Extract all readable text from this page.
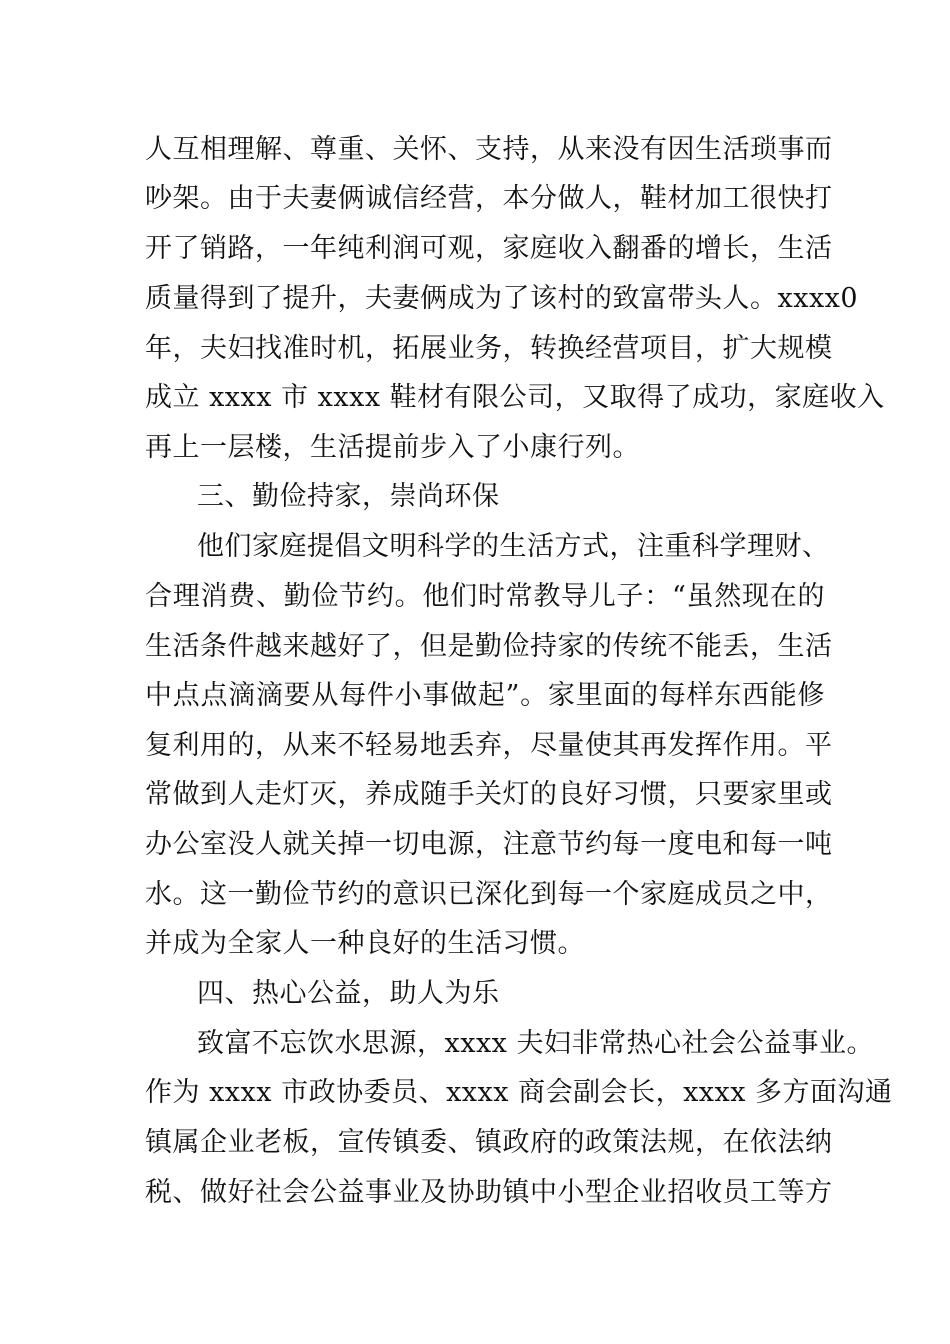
人互相理解、尊重、关怀、支持，从来没有因生活琐事而
吵架。由于夫妻俩诚信经营，本分做人，鞋材加工很快打
开了销路，一年纯利润可观，家庭收入翻番的增长，生活
质量得到了提升，夫妻俩成为了该村的致富带头人。xxxx0
年，夫妇找准时机，拓展业务，转换经营项目，扩大规模
成立 xxxx 市 xxxx 鞋材有限公司，又取得了成功，家庭收入
再上一层楼，生活提前步入了小康行列。
三、勤俭持家，崇尚环保
他们家庭提倡文明科学的生活方式，注重科学理财、
合理消费、勤俭节约。他们时常教导儿子：“虽然现在的
生活条件越来越好了，但是勤俭持家的传统不能丢，生活
中点点滴滴要从每件小事做起”。家里面的每样东西能修
复利用的，从来不轻易地丢弃，尽量使其再发挥作用。平
常做到人走灯灭，养成随手关灯的良好习惯，只要家里或
办公室没人就关掉一切电源，注意节约每一度电和每一吨
水。这一勤俭节约的意识已深化到每一个家庭成员之中，
并成为全家人一种良好的生活习惯。
四、热心公益，助人为乐
致富不忘饮水思源，xxxx 夫妇非常热心社会公益事业。
作为 xxxx 市政协委员、xxxx 商会副会长，xxxx 多方面沟通
镇属企业老板，宣传镇委、镇政府的政策法规，在依法纳
税、做好社会公益事业及协助镇中小型企业招收员工等方
